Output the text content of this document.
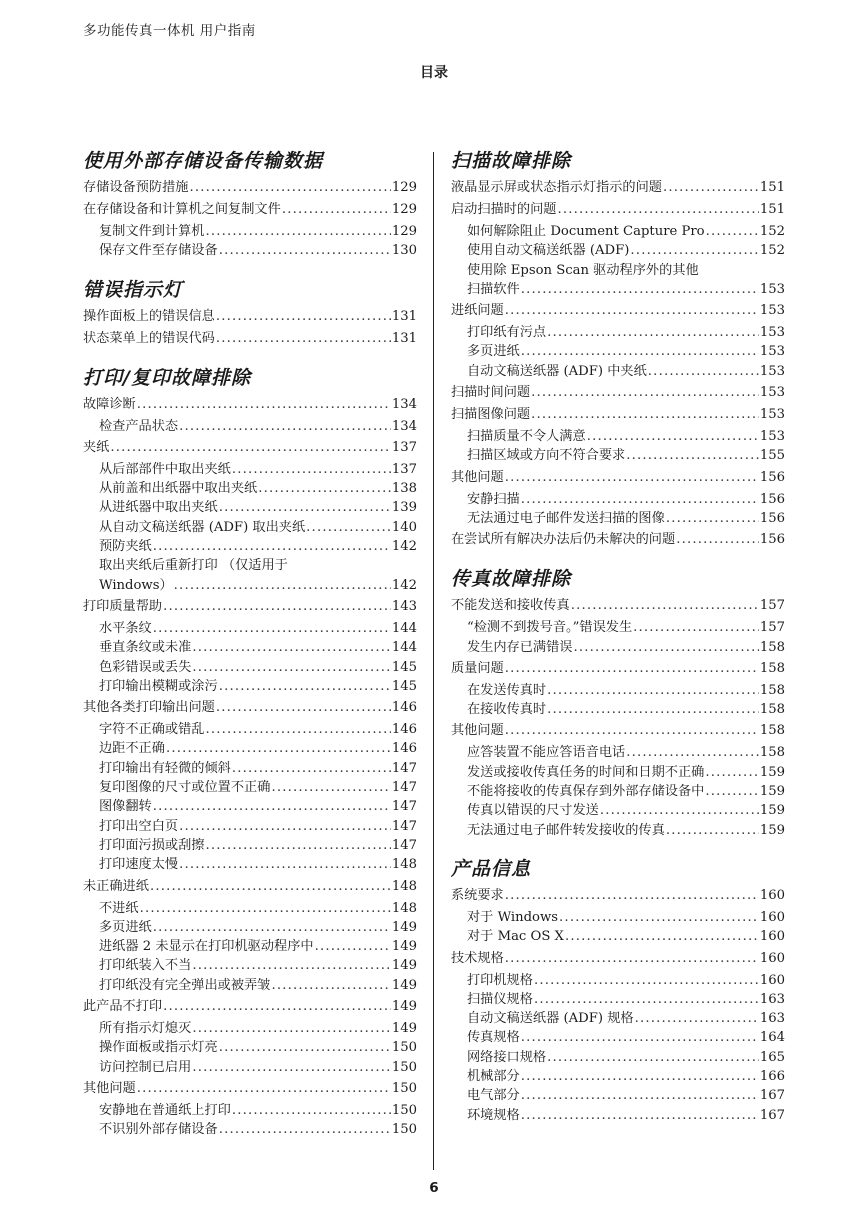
多功能传真一体机 用户指南
目录
使用外部存储设备传输数据
存储设备预防措施 . . .	129
在存储设备和计算机之间复制文件 . . .	129
复制文件到计算机 . . .	129
保存文件至存储设备 . . .	130
错误指示灯
操作面板上的错误信息 . . .	131
状态菜单上的错误代码 . . .	131
打印/复印故障排除
故障诊断 . . .	134
检查产品状态 . . .	134
夹纸 . . .	137
从后部部件中取出夹纸 . . .	137
从前盖和出纸器中取出夹纸 . . .	138
从进纸器中取出夹纸 . . .	139
从自动文稿送纸器 (ADF) 取出夹纸 . . .	140
预防夹纸 . . .	142
取出夹纸后重新打印 （仅适用于
Windows） . . .	142
打印质量帮助 . . .	143
水平条纹 . . .	144
垂直条纹或未准 . . .	144
色彩错误或丢失 . . .	145
打印输出模糊或涂污 . . .	145
其他各类打印输出问题 . . .	146
字符不正确或错乱 . . .	146
边距不正确 . . .	146
打印输出有轻微的倾斜 . . .	147
复印图像的尺寸或位置不正确 . . .	147
图像翻转 . . .	147
打印出空白页 . . .	147
打印面污损或刮擦 . . .	147
打印速度太慢 . . .	148
未正确进纸 . . .	148
不进纸 . . .	148
多页进纸 . . .	149
进纸器 2 未显示在打印机驱动程序中 . . .	149
打印纸装入不当 . . .	149
打印纸没有完全弹出或被弄皱 . . .	149
此产品不打印 . . .	149
所有指示灯熄灭 . . .	149
操作面板或指示灯亮 . . .	150
访问控制已启用 . . .	150
其他问题 . . .	150
安静地在普通纸上打印 . . .	150
不识别外部存储设备 . . .	150
扫描故障排除
液晶显示屏或状态指示灯指示的问题 . . .	151
启动扫描时的问题 . . .	151
如何解除阻止 Document Capture Pro . . .	152
使用自动文稿送纸器 (ADF) . . .	152
使用除 Epson Scan 驱动程序外的其他
扫描软件 . . .	153
进纸问题 . . .	153
打印纸有污点 . . .	153
多页进纸 . . .	153
自动文稿送纸器 (ADF) 中夹纸 . . .	153
扫描时间问题 . . .	153
扫描图像问题 . . .	153
扫描质量不令人满意 . . .	153
扫描区域或方向不符合要求 . . .	155
其他问题 . . .	156
安静扫描 . . .	156
无法通过电子邮件发送扫描的图像 . . .	156
在尝试所有解决办法后仍未解决的问题 . . .	156
传真故障排除
不能发送和接收传真 . . .	157
“检测不到拨号音。”错误发生 . . .	157
发生内存已满错误 . . .	158
质量问题 . . .	158
在发送传真时 . . .	158
在接收传真时 . . .	158
其他问题 . . .	158
应答装置不能应答语音电话 . . .	158
发送或接收传真任务的时间和日期不正确 . . .	159
不能将接收的传真保存到外部存储设备中 . . .	159
传真以错误的尺寸发送 . . .	159
无法通过电子邮件转发接收的传真 . . .	159
产品信息
系统要求 . . .	160
对于 Windows . . .	160
对于 Mac OS X . . .	160
技术规格 . . .	160
打印机规格 . . .	160
扫描仪规格 . . .	163
自动文稿送纸器 (ADF) 规格 . . .	163
传真规格 . . .	164
网络接口规格 . . .	165
机械部分 . . .	166
电气部分 . . .	167
环境规格 . . .	167
6
